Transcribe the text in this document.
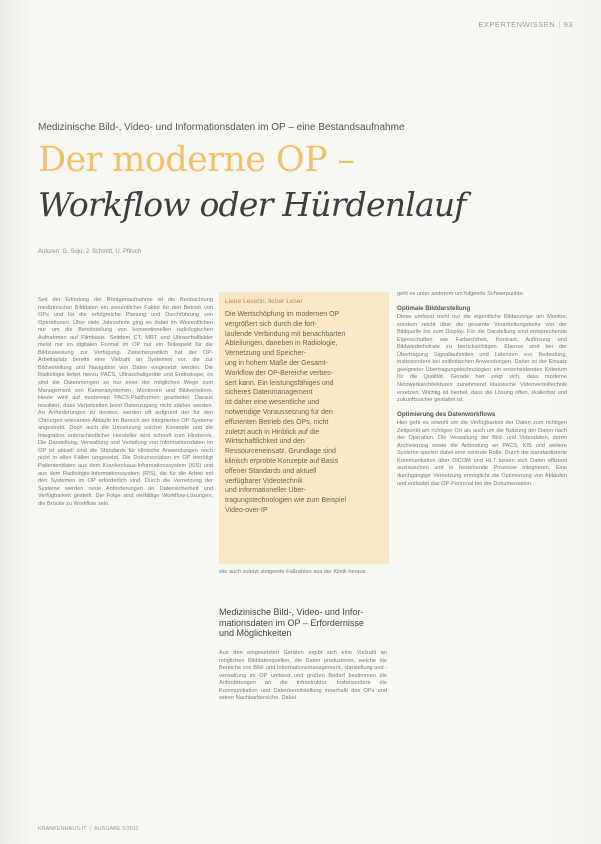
EXPERTENWISSEN | 93
Medizinische Bild-, Video- und Informationsdaten im OP – eine Bestandsaufnahme
Der moderne OP –
Workflow oder Hürdenlauf
Autoren: G. Sojo, J. Schmitt, U. Pfitsch

Seit der Erfindung der Röntgenaufnahme ist die Beobachtung medizinischer Bilddaten ein wesentlicher Faktor für den Betrieb von OPs und für die erfolgreiche Planung und Durchführung von Operationen. Über viele Jahrzehnte ging es dabei im Wesentlichen nur um die Bereitstellung von konventionellen radiologischen Aufnahmen auf Filmbasis. Seitdem CT, MRT und Ultraschallbilder meist nur im digitalen Format im OP nur ein Teilaspekt für die Bildzuweisung zur Verfügung. Zwischenzeitlich hat der OP-Arbeitsplatz bereits eine Vielzahl an Systemen vor, die zur Bildverteilung und Navigation von Daten eingesetzt werden. Die Radiologie liefert hierzu PACS, Ultraschallgeräte und Endoskope; es sind die Datenmengen so nur einer der möglichen Wege zum Management von Kamerasystemen, Monitoren und Bildverteilern. Heute wird auf modernen PACS-Plattformen gearbeitet. Daraus resultiert, dass Verteilzeiten beim Datenzugang nicht stärker werden. An Anforderungen zu denken, werden oft aufgrund der für den Chirurgen relevanten Abläufe im Bereich der integrierten OP-Systeme angestrebt. Doch auch die Umsetzung solcher Konzepte und die Integration unterschiedlicher Hersteller wird schnell zum Hindernis. Die Darstellung, Verwaltung und Verteilung von Informationsdaten im OP ist aktuell sind die Standards für klinische Anwendungen noch nicht in allen Fällen umgesetzt. Die Dokumentation im OP benötigt Patientendaten aus dem Krankenhaus-Informationssystem (KIS) und aus dem Radiologie-Informationssystem (RIS), die für die Arbeit mit den Systemen im OP erforderlich sind. Durch die Vernetzung der Systeme werden neue Anforderungen an Datensicherheit und Verfügbarkeit gestellt. Die Folge sind vielfältige Workflow-Lösungen, die Brücke zu Workflow sein.

Liebe Leserin, lieber Leser
Die Wertschöpfung im modernen OP
vergrößert sich durch die fort-
laufende Verbindung mit benachbarten
Abteilungen, daneben in Radiologie,
Vernetzung und Speicher-
ung in hohem Maße der Gesamt-
Workflow der OP-Bereiche verbes-
sert kann. Ein leistungsfähiges und
sicheres Datenmanagement
ist daher eine wesentliche und
notwendige Voraussetzung für den
effizienten Betrieb des OPs, nicht
zuletzt auch in Hinblick auf die
Wirtschaftlichkeit und den
Ressourceneinsatz. Grundlage sind
klinisch erprobte Konzepte auf Basis
offener Standards und aktuell
verfügbarer Videotechnik
und informationeller Über-
tragungstechnologien wie zum Beispiel
Video-over-IP
wie auch zuletzt steigende Fallzahlen aus der Klinik heraus.
Medizinische Bild-, Video- und Infor-
mationsdaten im OP – Erfordernisse
und Möglichkeiten

Aus den eingesetzten Geräten ergibt sich eine Vielzahl an möglichen Bilddatenquellen, die Daten produzieren, welche die Bereiche von Bild- und Informationsmanagement, -darstellung und -verwaltung im OP umfasst und großen Bedarf bestimmen die Anforderungen an die Infrastruktur. Insbesondere die Kommunikation und Datenbereitstellung innerhalb des OPs und seiner Nachbarbereiche. Dabei

geht es unter anderem um folgende Schwerpunkte:

Optimale Bilddarstellung

Diese umfasst nicht nur die eigentliche Bildanzeige am Monitor, sondern reicht über die gesamte Verarbeitungskette von der Bildquelle bis zum Display. Für die Darstellung sind entsprechende Eigenschaften wie Farbechtheit, Kontrast, Auflösung und Bildwiederholrate zu berücksichtigen. Ebenso sind bei der Übertragung Signallaufzeiten und Latenzen von Bedeutung, insbesondere bei zeitkritischen Anwendungen. Daher ist der Einsatz geeigneter Übertragungstechnologien ein entscheidendes Kriterium für die Qualität. Gerade hier zeigt sich, dass moderne Netzwerkarchitekturen zunehmend klassische Videoverteiltechnik ersetzen. Wichtig ist hierbei, dass die Lösung offen, skalierbar und zukunftssicher gestaltet ist.

Optimierung des Datenworkflows

Hier geht es sowohl um die Verfügbarkeit der Daten zum richtigen Zeitpunkt am richtigen Ort als auch um die Nutzung der Daten nach der Operation. Die Verwaltung der Bild- und Videodaten, deren Archivierung sowie die Anbindung an PACS, KIS und weitere Systeme spielen dabei eine zentrale Rolle. Durch die standardisierte Kommunikation über DICOM und HL7 lassen sich Daten effizient austauschen und in bestehende Prozesse integrieren. Eine durchgängige Vernetzung ermöglicht die Optimierung von Abläufen und entlastet das OP-Personal bei der Dokumentation.

KRANKENHAUS-IT | AUSGABE 5/2011
